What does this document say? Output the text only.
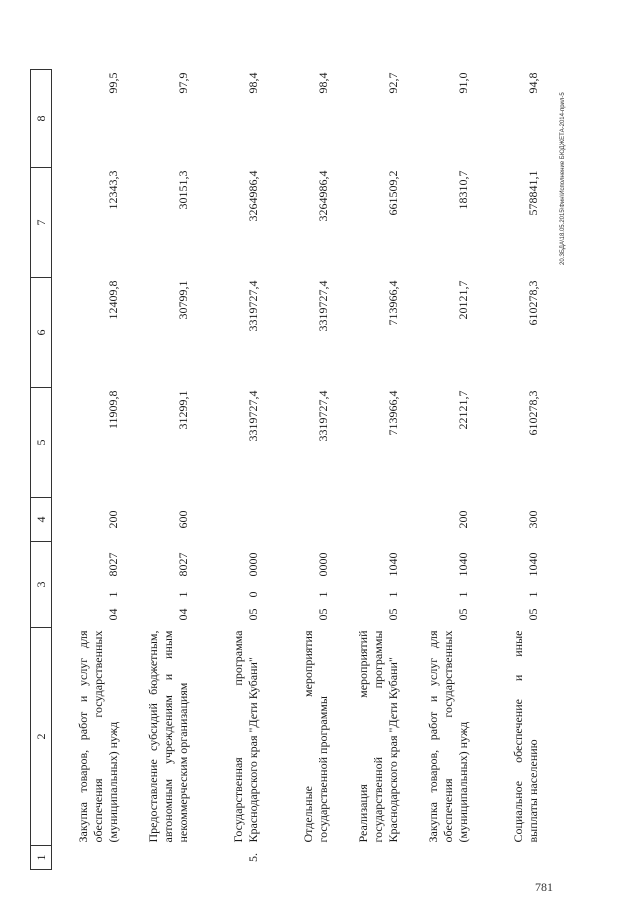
1	2	3			4	5	6	7	8
	Закупка товаров, работ и услуг для обеспечения государственных (муниципальных) нужд	04	1	8027	200	11909,8	12409,8	12343,3	99,5
	Предоставление субсидий бюджетным, автономным учреждениям и иным некоммерческим организациям	04	1	8027	600	31299,1	30799,1	30151,3	97,9
5.	Государственная программа Краснодарского края "Дети Кубани"	05	0	0000		3319727,4	3319727,4	3264986,4	98,4
	Отдельные мероприятия государственной программы	05	1	0000		3319727,4	3319727,4	3264986,4	98,4
	Реализация мероприятий государственной программы Краснодарского края "Дети Кубани"	05	1	1040		713966,4	713966,4	661509,2	92,7
	Закупка товаров, работ и услуг для обеспечения государственных (муниципальных) нужд	05	1	1040	200	22121,7	20121,7	18310,7	91,0
	Социальное обеспечение и иные выплаты населению	05	1	1040	300	610278,3	610278,3	578841,1	94,8
20.ЗБДА\18.05.2015\Фин\Исполнение БЮДЖЕТА-2014-прил-5
781
